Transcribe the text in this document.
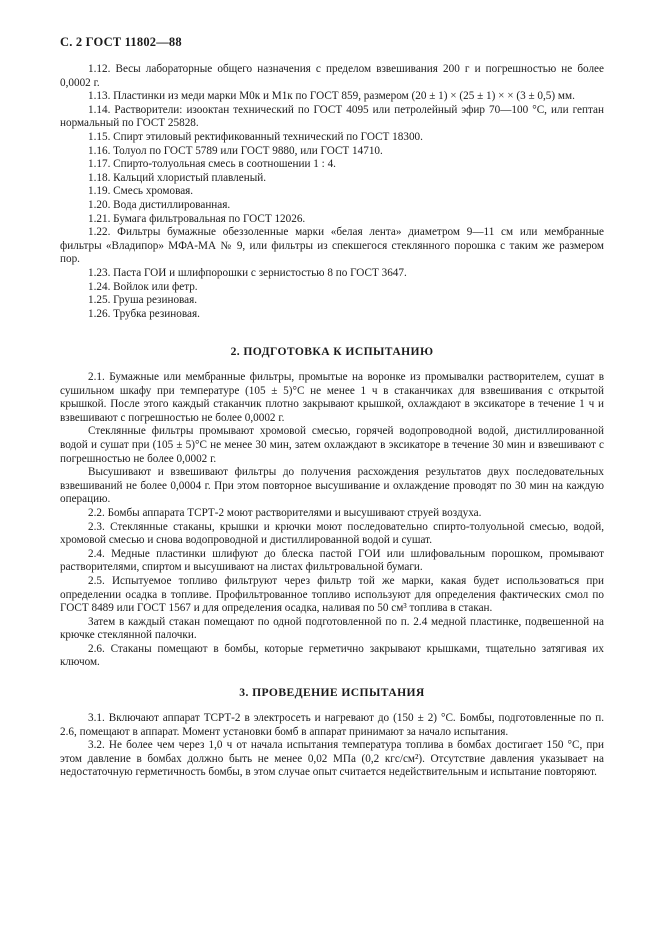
С. 2 ГОСТ 11802—88

1.12. Весы лабораторные общего назначения с пределом взвешивания 200 г и погрешностью не более 0,0002 г.

1.13. Пластинки из меди марки М0к и М1к по ГОСТ 859, размером (20 ± 1) × (25 ± 1) × × (3 ± 0,5) мм.

1.14. Растворители: изооктан технический по ГОСТ 4095 или петролейный эфир 70—100 °С, или гептан нормальный по ГОСТ 25828.

1.15. Спирт этиловый ректификованный технический по ГОСТ 18300.

1.16. Толуол по ГОСТ 5789 или ГОСТ 9880, или ГОСТ 14710.

1.17. Спирто-толуольная смесь в соотношении 1 : 4.

1.18. Кальций хлористый плавленый.

1.19. Смесь хромовая.

1.20. Вода дистиллированная.

1.21. Бумага фильтровальная по ГОСТ 12026.

1.22. Фильтры бумажные обеззоленные марки «белая лента» диаметром 9—11 см или мембранные фильтры «Владипор» МФА-МА № 9, или фильтры из спекшегося стеклянного порошка с таким же размером пор.

1.23. Паста ГОИ и шлифпорошки с зернистостью 8 по ГОСТ 3647.

1.24. Войлок или фетр.

1.25. Груша резиновая.

1.26. Трубка резиновая.

2. ПОДГОТОВКА К ИСПЫТАНИЮ

2.1. Бумажные или мембранные фильтры, промытые на воронке из промывалки растворителем, сушат в сушильном шкафу при температуре (105 ± 5)°С не менее 1 ч в стаканчиках для взвешивания с открытой крышкой. После этого каждый стаканчик плотно закрывают крышкой, охлаждают в эксикаторе в течение 1 ч и взвешивают с погрешностью не более 0,0002 г.

Стеклянные фильтры промывают хромовой смесью, горячей водопроводной водой, дистиллированной водой и сушат при (105 ± 5)°С не менее 30 мин, затем охлаждают в эксикаторе в течение 30 мин и взвешивают с погрешностью не более 0,0002 г.

Высушивают и взвешивают фильтры до получения расхождения результатов двух последовательных взвешиваний не более 0,0004 г. При этом повторное высушивание и охлаждение проводят по 30 мин на каждую операцию.

2.2. Бомбы аппарата ТСРТ-2 моют растворителями и высушивают струей воздуха.

2.3. Стеклянные стаканы, крышки и крючки моют последовательно спирто-толуольной смесью, водой, хромовой смесью и снова водопроводной и дистиллированной водой и сушат.

2.4. Медные пластинки шлифуют до блеска пастой ГОИ или шлифовальным порошком, промывают растворителями, спиртом и высушивают на листах фильтровальной бумаги.

2.5. Испытуемое топливо фильтруют через фильтр той же марки, какая будет использоваться при определении осадка в топливе. Профильтрованное топливо используют для определения фактических смол по ГОСТ 8489 или ГОСТ 1567 и для определения осадка, наливая по 50 см³ топлива в стакан.

Затем в каждый стакан помещают по одной подготовленной по п. 2.4 медной пластинке, подвешенной на крючке стеклянной палочки.

2.6. Стаканы помещают в бомбы, которые герметично закрывают крышками, тщательно затягивая их ключом.

3. ПРОВЕДЕНИЕ ИСПЫТАНИЯ

3.1. Включают аппарат ТСРТ-2 в электросеть и нагревают до (150 ± 2) °С. Бомбы, подготовленные по п. 2.6, помещают в аппарат. Момент установки бомб в аппарат принимают за начало испытания.

3.2. Не более чем через 1,0 ч от начала испытания температура топлива в бомбах достигает 150 °С, при этом давление в бомбах должно быть не менее 0,02 МПа (0,2 кгс/см²). Отсутствие давления указывает на недостаточную герметичность бомбы, в этом случае опыт считается недействительным и испытание повторяют.
